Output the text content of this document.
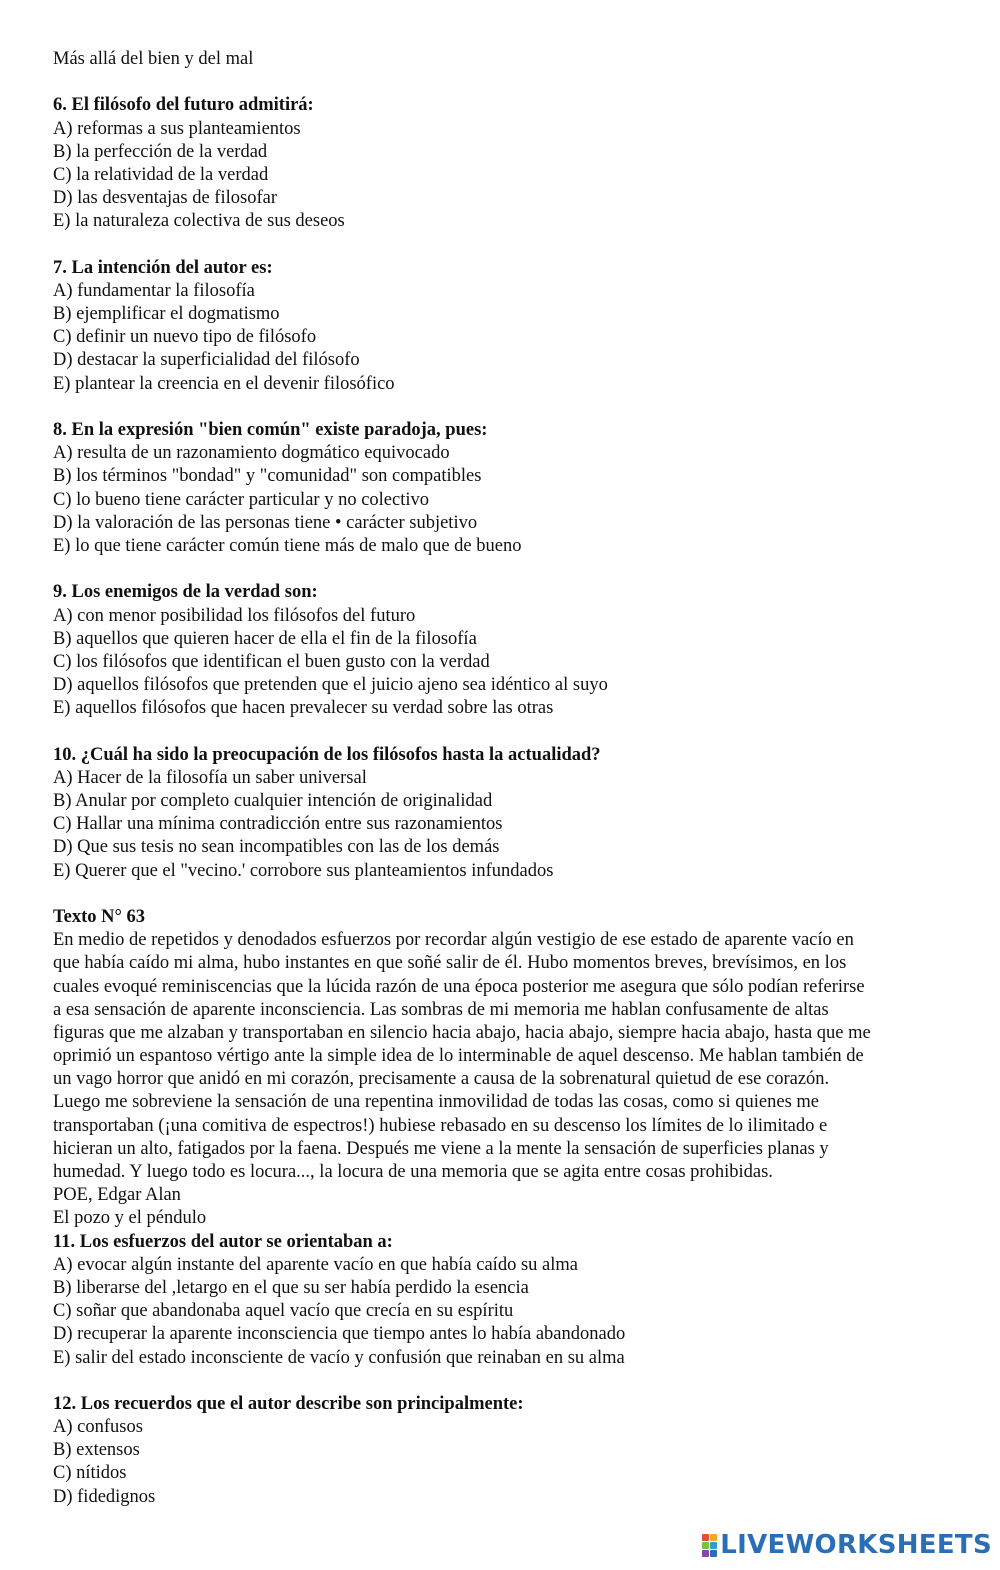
Más allá del bien y del mal
6. El filósofo del futuro admitirá:
A) reformas a sus planteamientos
B) la perfección de la verdad
C) la relatividad de la verdad
D) las desventajas de filosofar
E) la naturaleza colectiva de sus deseos
7. La intención del autor es:
A) fundamentar la filosofía
B) ejemplificar el dogmatismo
C) definir un nuevo tipo de filósofo
D) destacar la superficialidad del filósofo
E) plantear la creencia en el devenir filosófico
8. En la expresión "bien común" existe paradoja, pues:
A) resulta de un razonamiento dogmático equivocado
B) los términos "bondad" y "comunidad" son compatibles
C) lo bueno tiene carácter particular y no colectivo
D) la valoración de las personas tiene • carácter subjetivo
E) lo que tiene carácter común tiene más de malo que de bueno
9. Los enemigos de la verdad son:
A) con menor posibilidad los filósofos del futuro
B) aquellos que quieren hacer de ella el fin de la filosofía
C) los filósofos que identifican el buen gusto con la verdad
D) aquellos filósofos que pretenden que el juicio ajeno sea idéntico al suyo
E) aquellos filósofos que hacen prevalecer su verdad sobre las otras
10. ¿Cuál ha sido la preocupación de los filósofos hasta la actualidad?
A) Hacer de la filosofía un saber universal
B) Anular por completo cualquier intención de originalidad
C) Hallar una mínima contradicción entre sus razonamientos
D) Que sus tesis no sean incompatibles con las de los demás
E) Querer que el "vecino.' corrobore sus planteamientos infundados
Texto N° 63
En medio de repetidos y denodados esfuerzos por recordar algún vestigio de ese estado de aparente vacío en
que había caído mi alma, hubo instantes en que soñé salir de él. Hubo momentos breves, brevísimos, en los
cuales evoqué reminiscencias que la lúcida razón de una época posterior me asegura que sólo podían referirse
a esa sensación de aparente inconsciencia. Las sombras de mi memoria me hablan confusamente de altas
figuras que me alzaban y transportaban en silencio hacia abajo, hacia abajo, siempre hacia abajo, hasta que me
oprimió un espantoso vértigo ante la simple idea de lo interminable de aquel descenso. Me hablan también de
un vago horror que anidó en mi corazón, precisamente a causa de la sobrenatural quietud de ese corazón.
Luego me sobreviene la sensación de una repentina inmovilidad de todas las cosas, como si quienes me
transportaban (¡una comitiva de espectros!) hubiese rebasado en su descenso los límites de lo ilimitado e
hicieran un alto, fatigados por la faena. Después me viene a la mente la sensación de superficies planas y
humedad. Y luego todo es locura..., la locura de una memoria que se agita entre cosas prohibidas.
POE, Edgar Alan
El pozo y el péndulo
11. Los esfuerzos del autor se orientaban a:
A) evocar algún instante del aparente vacío en que había caído su alma
B) liberarse del ,letargo en el que su ser había perdido la esencia
C) soñar que abandonaba aquel vacío que crecía en su espíritu
D) recuperar la aparente inconsciencia que tiempo antes lo había abandonado
E) salir del estado inconsciente de vacío y confusión que reinaban en su alma
12. Los recuerdos que el autor describe son principalmente:
A) confusos
B) extensos
C) nítidos
D) fidedignos
LIVEWORKSHEETS
